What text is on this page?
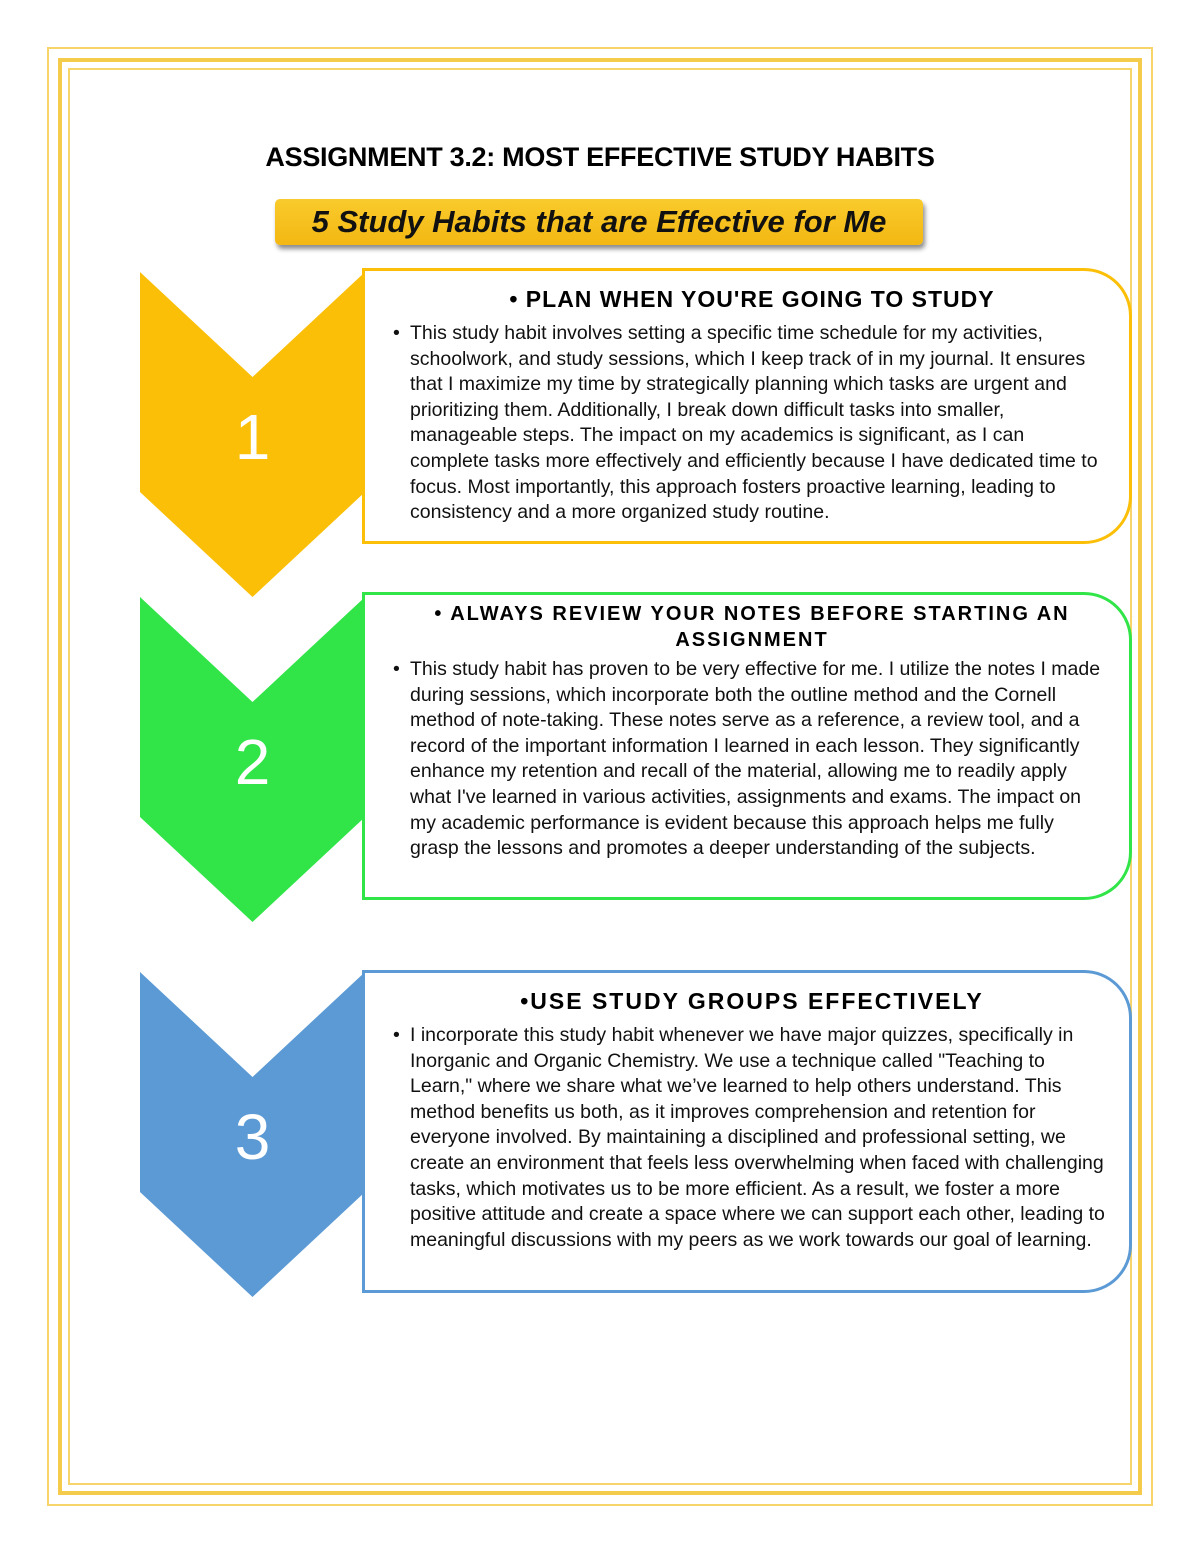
ASSIGNMENT 3.2: MOST EFFECTIVE STUDY HABITS
5 Study Habits that are Effective for Me
1
• PLAN WHEN YOU'RE GOING TO STUDY
• This study habit involves setting a specific time schedule for my activities, schoolwork, and study sessions, which I keep track of in my journal. It ensures that I maximize my time by strategically planning which tasks are urgent and prioritizing them. Additionally, I break down difficult tasks into smaller, manageable steps. The impact on my academics is significant, as I can complete tasks more effectively and efficiently because I have dedicated time to focus. Most importantly, this approach fosters proactive learning, leading to consistency and a more organized study routine.
2
• ALWAYS REVIEW YOUR NOTES BEFORE STARTING AN ASSIGNMENT
• This study habit has proven to be very effective for me. I utilize the notes I made during sessions, which incorporate both the outline method and the Cornell method of note-taking. These notes serve as a reference, a review tool, and a record of the important information I learned in each lesson. They significantly enhance my retention and recall of the material, allowing me to readily apply what I've learned in various activities, assignments and exams. The impact on my academic performance is evident because this approach helps me fully grasp the lessons and promotes a deeper understanding of the subjects.
3
•USE STUDY GROUPS EFFECTIVELY
• I incorporate this study habit whenever we have major quizzes, specifically in Inorganic and Organic Chemistry. We use a technique called "Teaching to Learn," where we share what we’ve learned to help others understand. This method benefits us both, as it improves comprehension and retention for everyone involved. By maintaining a disciplined and professional setting, we create an environment that feels less overwhelming when faced with challenging tasks, which motivates us to be more efficient. As a result, we foster a more positive attitude and create a space where we can support each other, leading to meaningful discussions with my peers as we work towards our goal of learning.
